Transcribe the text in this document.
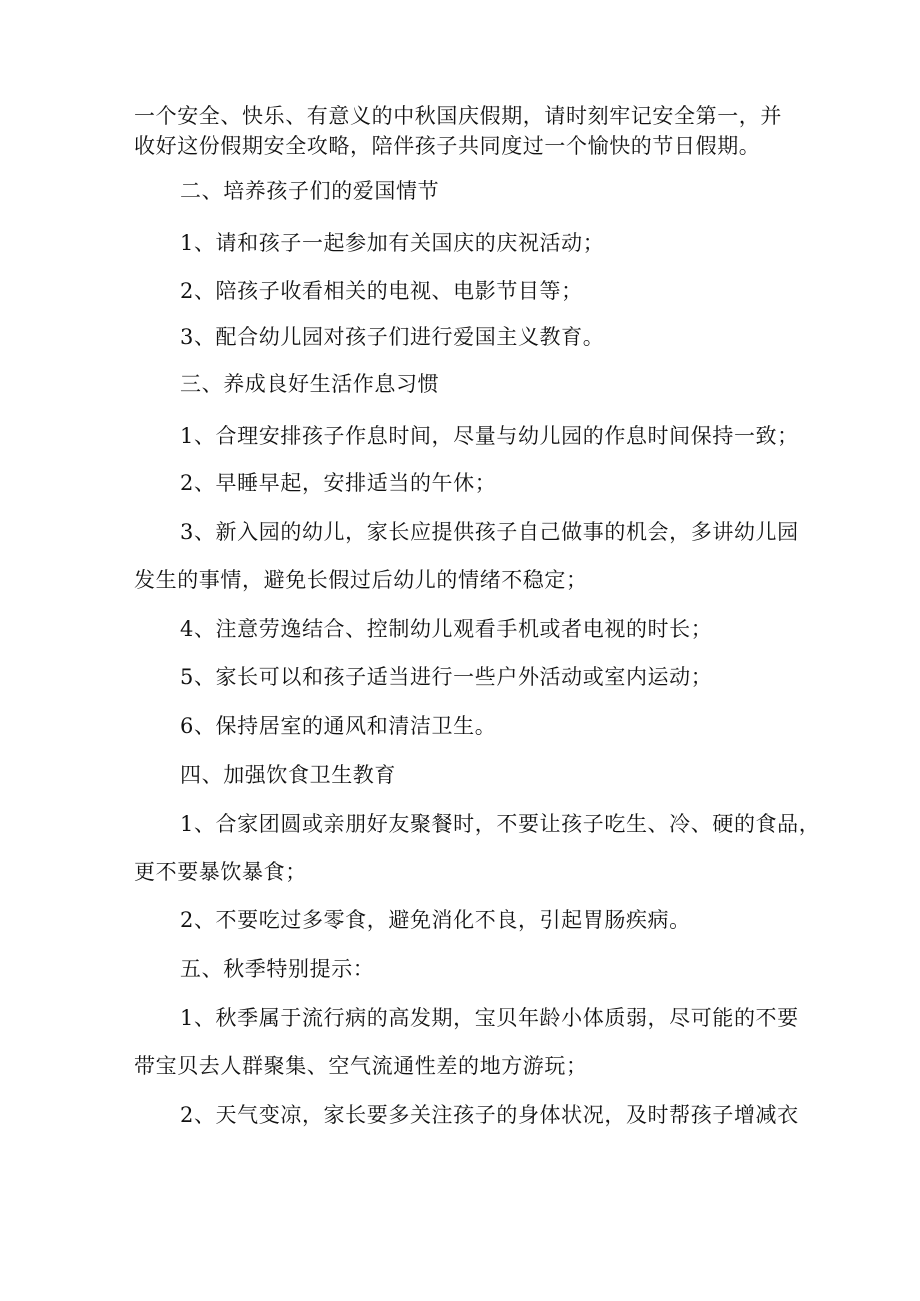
一个安全、快乐、有意义的中秋国庆假期，请时刻牢记安全第一，并

收好这份假期安全攻略，陪伴孩子共同度过一个愉快的节日假期。

二、培养孩子们的爱国情节

1、请和孩子一起参加有关国庆的庆祝活动；

2、陪孩子收看相关的电视、电影节目等；

3、配合幼儿园对孩子们进行爱国主义教育。

三、养成良好生活作息习惯

1、合理安排孩子作息时间，尽量与幼儿园的作息时间保持一致；

2、早睡早起，安排适当的午休；

3、新入园的幼儿，家长应提供孩子自己做事的机会，多讲幼儿园

发生的事情，避免长假过后幼儿的情绪不稳定；

4、注意劳逸结合、控制幼儿观看手机或者电视的时长；

5、家长可以和孩子适当进行一些户外活动或室内运动；

6、保持居室的通风和清洁卫生。

四、加强饮食卫生教育

1、合家团圆或亲朋好友聚餐时，不要让孩子吃生、冷、硬的食品，

更不要暴饮暴食；

2、不要吃过多零食，避免消化不良，引起胃肠疾病。

五、秋季特别提示：

1、秋季属于流行病的高发期，宝贝年龄小体质弱，尽可能的不要

带宝贝去人群聚集、空气流通性差的地方游玩；

2、天气变凉，家长要多关注孩子的身体状况，及时帮孩子增减衣
